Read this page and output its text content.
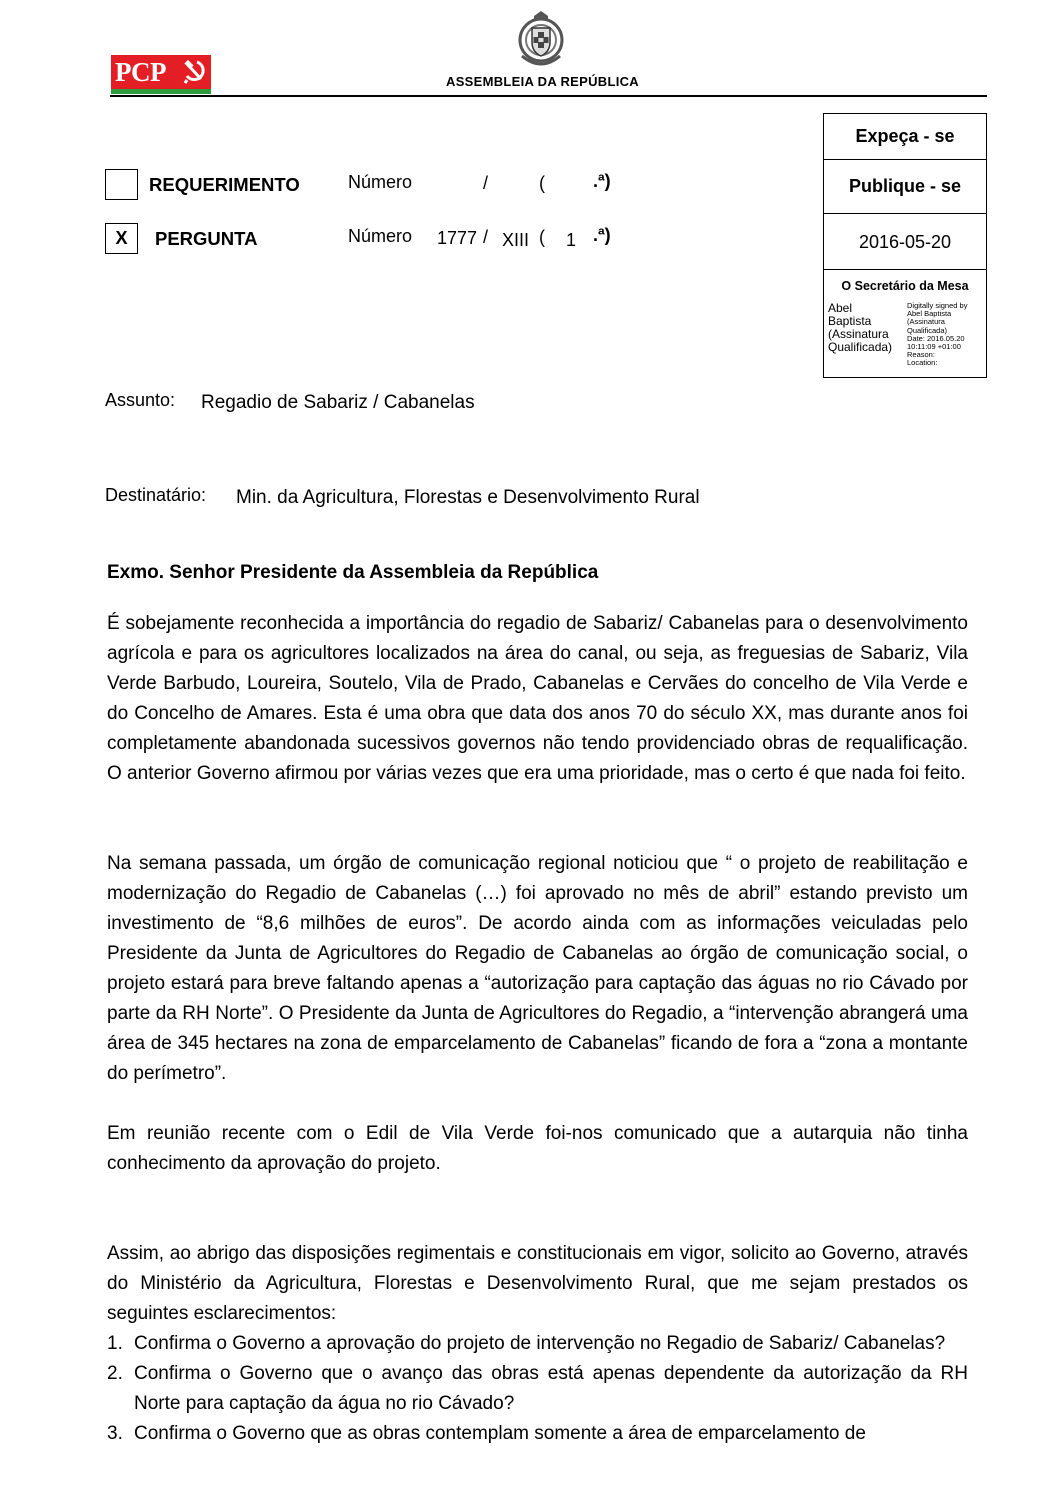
PCP	ASSEMBLEIA DA REPÚBLICA
Expeça - se
Publique - se
2016-05-20
O Secretário da Mesa
Abel
Baptista
(Assinatura
Qualificada)
Digitally signed by
Abel Baptista
(Assinatura
Qualificada)
Date: 2016.05.20
10:11:09 +01:00
Reason:
Location:
REQUERIMENTO	Número	/	(	.ª)
X	PERGUNTA	Número 1777 / XIII ( 1 .ª)
Assunto: Regadio de Sabariz / Cabanelas
Destinatário: Min. da Agricultura, Florestas e Desenvolvimento Rural
Exmo. Senhor Presidente da Assembleia da República

É sobejamente reconhecida a importância do regadio de Sabariz/ Cabanelas para o desenvolvimento agrícola e para os agricultores localizados na área do canal, ou seja, as freguesias de Sabariz, Vila Verde Barbudo, Loureira, Soutelo, Vila de Prado, Cabanelas e Cervães do concelho de Vila Verde e do Concelho de Amares. Esta é uma obra que data dos anos 70 do século XX, mas durante anos foi completamente abandonada sucessivos governos não tendo providenciado obras de requalificação. O anterior Governo afirmou por várias vezes que era uma prioridade, mas o certo é que nada foi feito.

Na semana passada, um órgão de comunicação regional noticiou que “ o projeto de reabilitação e modernização do Regadio de Cabanelas (…) foi aprovado no mês de abril” estando previsto um investimento de “8,6 milhões de euros”. De acordo ainda com as informações veiculadas pelo Presidente da Junta de Agricultores do Regadio de Cabanelas ao órgão de comunicação social, o projeto estará para breve faltando apenas a “autorização para captação das águas no rio Cávado por parte da RH Norte”. O Presidente da Junta de Agricultores do Regadio, a “intervenção abrangerá uma área de 345 hectares na zona de emparcelamento de Cabanelas” ficando de fora a “zona a montante do perímetro”.

Em reunião recente com o Edil de Vila Verde foi-nos comunicado que a autarquia não tinha conhecimento da aprovação do projeto.

Assim, ao abrigo das disposições regimentais e constitucionais em vigor, solicito ao Governo, através do Ministério da Agricultura, Florestas e Desenvolvimento Rural, que me sejam prestados os seguintes esclarecimentos:

1. Confirma o Governo a aprovação do projeto de intervenção no Regadio de Sabariz/ Cabanelas?
2. Confirma o Governo que o avanço das obras está apenas dependente da autorização da RH Norte para captação da água no rio Cávado?
3. Confirma o Governo que as obras contemplam somente a área de emparcelamento de
